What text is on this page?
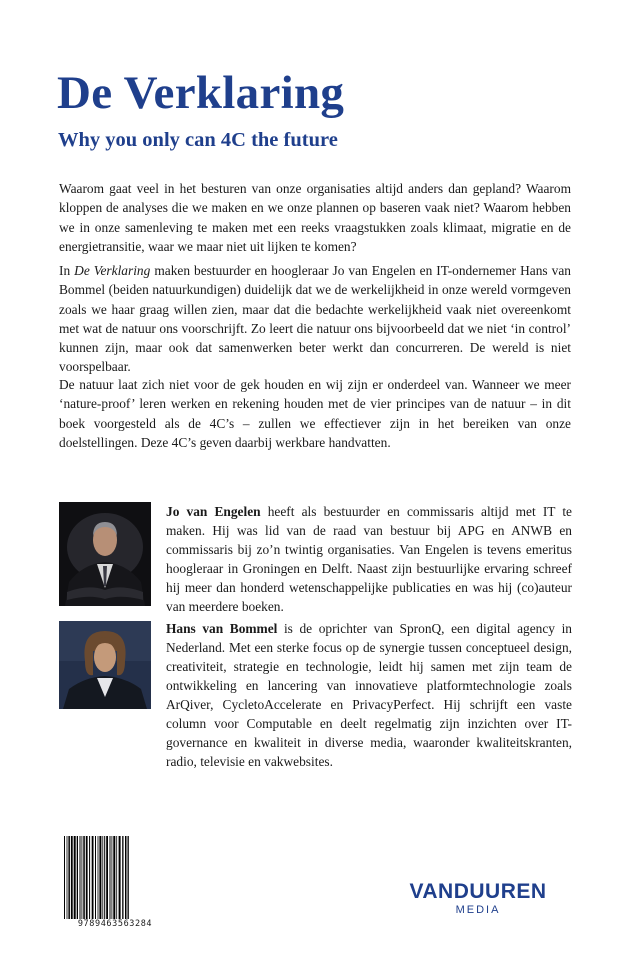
De Verklaring
Why you only can 4C the future

Waarom gaat veel in het besturen van onze organisaties altijd anders dan gepland? Waarom kloppen de analyses die we maken en we onze plannen op baseren vaak niet? Waarom hebben we in onze samenleving te maken met een reeks vraagstukken zoals klimaat, migratie en de energietransitie, waar we maar niet uit lijken te komen?

In De Verklaring maken bestuurder en hoogleraar Jo van Engelen en IT-ondernemer Hans van Bommel (beiden natuurkundigen) duidelijk dat we de werkelijkheid in onze wereld vormgeven zoals we haar graag willen zien, maar dat die bedachte werkelijkheid vaak niet overeenkomt met wat de natuur ons voorschrijft. Zo leert die natuur ons bijvoorbeeld dat we niet ‘in control’ kunnen zijn, maar ook dat samenwerken beter werkt dan concurreren. De wereld is niet voorspelbaar.

De natuur laat zich niet voor de gek houden en wij zijn er onderdeel van. Wanneer we meer ‘nature-proof’ leren werken en rekening houden met de vier principes van de natuur – in dit boek voorgesteld als de 4C’s – zullen we effectiever zijn in het bereiken van onze doelstellingen. Deze 4C’s geven daarbij werkbare handvatten.

Jo van Engelen heeft als bestuurder en commissaris altijd met IT te maken. Hij was lid van de raad van bestuur bij APG en ANWB en commissaris bij zo’n twintig organisaties. Van Engelen is tevens emeritus hoogleraar in Groningen en Delft. Naast zijn bestuurlijke ervaring schreef hij meer dan honderd wetenschappelijke publicaties en was hij (co)auteur van meerdere boeken.

Hans van Bommel is de oprichter van SpronQ, een digital agency in Nederland. Met een sterke focus op de synergie tussen conceptueel design, creativiteit, strategie en technologie, leidt hij samen met zijn team de ontwikkeling en lancering van innovatieve platformtechnologie zoals ArQiver, CycletoAccelerate en PrivacyPerfect. Hij schrijft een vaste column voor Computable en deelt regelmatig zijn inzichten over IT-governance en kwaliteit in diverse media, waaronder kwaliteitskranten, radio, televisie en vakwebsites.

9789463563284
VANDUUREN
MEDIA
